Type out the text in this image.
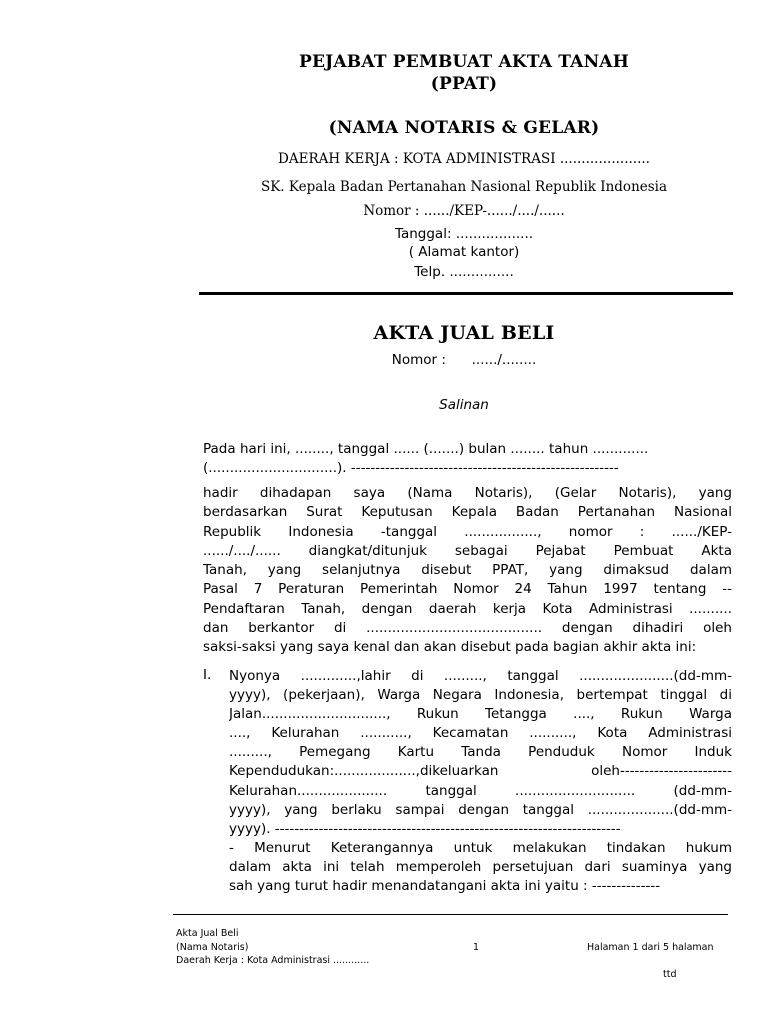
PEJABAT PEMBUAT AKTA TANAH
(PPAT)
(NAMA NOTARIS & GELAR)
DAERAH KERJA : KOTA ADMINISTRASI .....................
SK. Kepala Badan Pertanahan Nasional Republik Indonesia
Nomor : ....../KEP-....../..../......
Tanggal: ..................
( Alamat kantor)
Telp. ...............
AKTA JUAL BELI
Nomor :      ....../........
Salinan
Pada hari ini, ........, tanggal ...... (.......) bulan ........ tahun .............
(..............................). -------------------------------------------------------
hadir dihadapan saya (Nama Notaris), (Gelar Notaris), yang
berdasarkan Surat Keputusan Kepala Badan Pertanahan Nasional
Republik Indonesia -tanggal ................., nomor : ....../KEP-
....../..../...... diangkat/ditunjuk sebagai Pejabat Pembuat Akta
Tanah, yang selanjutnya disebut PPAT, yang dimaksud dalam
Pasal 7 Peraturan Pemerintah Nomor 24 Tahun 1997 tentang --
Pendaftaran Tanah, dengan daerah kerja Kota Administrasi ..........
dan berkantor di ......................................... dengan dihadiri oleh
saksi-saksi yang saya kenal dan akan disebut pada bagian akhir akta ini:
I. Nyonya .............,lahir di ........., tanggal ......................(dd-mm-
yyyy), (pekerjaan), Warga Negara Indonesia, bertempat tinggal di
Jalan............................., Rukun Tetangga ...., Rukun Warga
...., Kelurahan ..........., Kecamatan .........., Kota Administrasi
........., Pemegang Kartu Tanda Penduduk Nomor Induk
Kependudukan:...................,dikeluarkan oleh-----------------------
Kelurahan..................... tanggal ............................ (dd-mm-
yyyy), yang berlaku sampai dengan tanggal ....................(dd-mm-
yyyy). -----------------------------------------------------------------------
- Menurut Keterangannya untuk melakukan tindakan hukum
dalam akta ini telah memperoleh persetujuan dari suaminya yang
sah yang turut hadir menandatangani akta ini yaitu : --------------
Akta Jual Beli
(Nama Notaris)
Daerah Kerja : Kota Administrasi ............
1	Halaman 1 dari 5 halaman
ttd
